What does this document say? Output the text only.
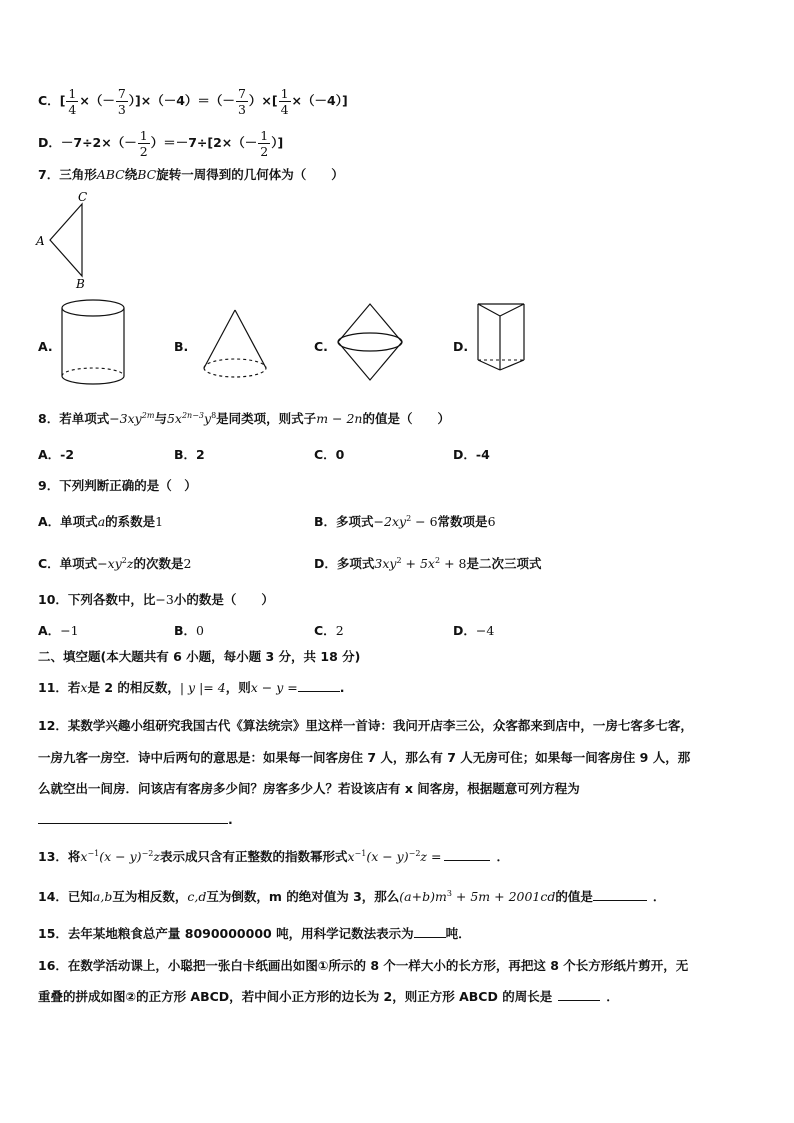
C．[ $\frac{1}{4}$ ×（－ $\frac{7}{3} )]\times(-4)=(- \frac{7}{3}$ ）×[ $\frac{1}{4} \times(-4)$]
D．$-7\div 2\times(- \frac{1}{2} )=-7\div[2\times(- \frac{1}{2}$ ）]
7．三角形ABC绕BC旋转一周得到的几何体为（　　）
C
A
B
A.	B.	C.	D.
8．若单项式$-3xy^{2m}$与$5x^{2n-3}y^8$是同类项，则式子m − 2n的值是（　　）
A．-2	B．2	C．0	D．-4
9．下列判断正确的是（　）
A．单项式a的系数是1	B．多项式$-2xy^2 - 6$常数项是6
C．单项式$-xy^2z$的次数是2	D．多项式$3xy^2 + 5x^2 + 8$是二次三项式
10．下列各数中，比−3小的数是（　　）
A．−1	B．0	C．2	D．−4
二、填空题(本大题共有 6 小题，每小题 3 分，共 18 分)
11．若x是 2 的相反数，| y |= 4，则x − y =	.
12．某数学兴趣小组研究我国古代《算法统宗》里这样一首诗：我问开店李三公，众客都来到店中，一房七客多七客，
一房九客一房空．诗中后两句的意思是：如果每一间客房住 7 人，那么有 7 人无房可住；如果每一间客房住 9 人，那
么就空出一间房．问该店有客房多少间？房客多少人？若设该店有 x 间客房，根据题意可列方程为
.
13．将$x^{-1}(x - y)^{-2}z$表示成只含有正整数的指数幂形式$x^{-1}(x - y)^{-2}z$ =	．
14．已知a,b互为相反数，c,d互为倒数，m 的绝对值为 3，那么$(a+b)m^3 + 5m + 2001cd$的值是	．
15．去年某地粮食总产量 8090000000 吨，用科学记数法表示为	吨．
16．在数学活动课上，小聪把一张白卡纸画出如图①所示的 8 个一样大小的长方形，再把这 8 个长方形纸片剪开，无
重叠的拼成如图②的正方形 ABCD，若中间小正方形的边长为 2，则正方形 ABCD 的周长是	．
